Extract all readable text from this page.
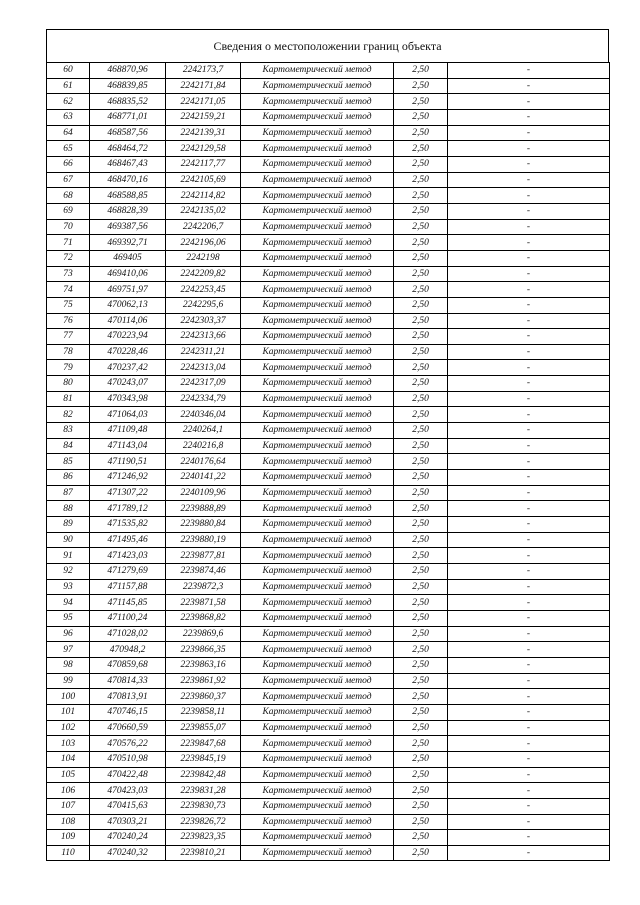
Сведения о местоположении границ объекта
60	468870,96	2242173,7	Картометрический метод	2,50	-
61	468839,85	2242171,84	Картометрический метод	2,50	-
62	468835,52	2242171,05	Картометрический метод	2,50	-
63	468771,01	2242159,21	Картометрический метод	2,50	-
64	468587,56	2242139,31	Картометрический метод	2,50	-
65	468464,72	2242129,58	Картометрический метод	2,50	-
66	468467,43	2242117,77	Картометрический метод	2,50	-
67	468470,16	2242105,69	Картометрический метод	2,50	-
68	468588,85	2242114,82	Картометрический метод	2,50	-
69	468828,39	2242135,02	Картометрический метод	2,50	-
70	469387,56	2242206,7	Картометрический метод	2,50	-
71	469392,71	2242196,06	Картометрический метод	2,50	-
72	469405	2242198	Картометрический метод	2,50	-
73	469410,06	2242209,82	Картометрический метод	2,50	-
74	469751,97	2242253,45	Картометрический метод	2,50	-
75	470062,13	2242295,6	Картометрический метод	2,50	-
76	470114,06	2242303,37	Картометрический метод	2,50	-
77	470223,94	2242313,66	Картометрический метод	2,50	-
78	470228,46	2242311,21	Картометрический метод	2,50	-
79	470237,42	2242313,04	Картометрический метод	2,50	-
80	470243,07	2242317,09	Картометрический метод	2,50	-
81	470343,98	2242334,79	Картометрический метод	2,50	-
82	471064,03	2240346,04	Картометрический метод	2,50	-
83	471109,48	2240264,1	Картометрический метод	2,50	-
84	471143,04	2240216,8	Картометрический метод	2,50	-
85	471190,51	2240176,64	Картометрический метод	2,50	-
86	471246,92	2240141,22	Картометрический метод	2,50	-
87	471307,22	2240109,96	Картометрический метод	2,50	-
88	471789,12	2239888,89	Картометрический метод	2,50	-
89	471535,82	2239880,84	Картометрический метод	2,50	-
90	471495,46	2239880,19	Картометрический метод	2,50	-
91	471423,03	2239877,81	Картометрический метод	2,50	-
92	471279,69	2239874,46	Картометрический метод	2,50	-
93	471157,88	2239872,3	Картометрический метод	2,50	-
94	471145,85	2239871,58	Картометрический метод	2,50	-
95	471100,24	2239868,82	Картометрический метод	2,50	-
96	471028,02	2239869,6	Картометрический метод	2,50	-
97	470948,2	2239866,35	Картометрический метод	2,50	-
98	470859,68	2239863,16	Картометрический метод	2,50	-
99	470814,33	2239861,92	Картометрический метод	2,50	-
100	470813,91	2239860,37	Картометрический метод	2,50	-
101	470746,15	2239858,11	Картометрический метод	2,50	-
102	470660,59	2239855,07	Картометрический метод	2,50	-
103	470576,22	2239847,68	Картометрический метод	2,50	-
104	470510,98	2239845,19	Картометрический метод	2,50	-
105	470422,48	2239842,48	Картометрический метод	2,50	-
106	470423,03	2239831,28	Картометрический метод	2,50	-
107	470415,63	2239830,73	Картометрический метод	2,50	-
108	470303,21	2239826,72	Картометрический метод	2,50	-
109	470240,24	2239823,35	Картометрический метод	2,50	-
110	470240,32	2239810,21	Картометрический метод	2,50	-
